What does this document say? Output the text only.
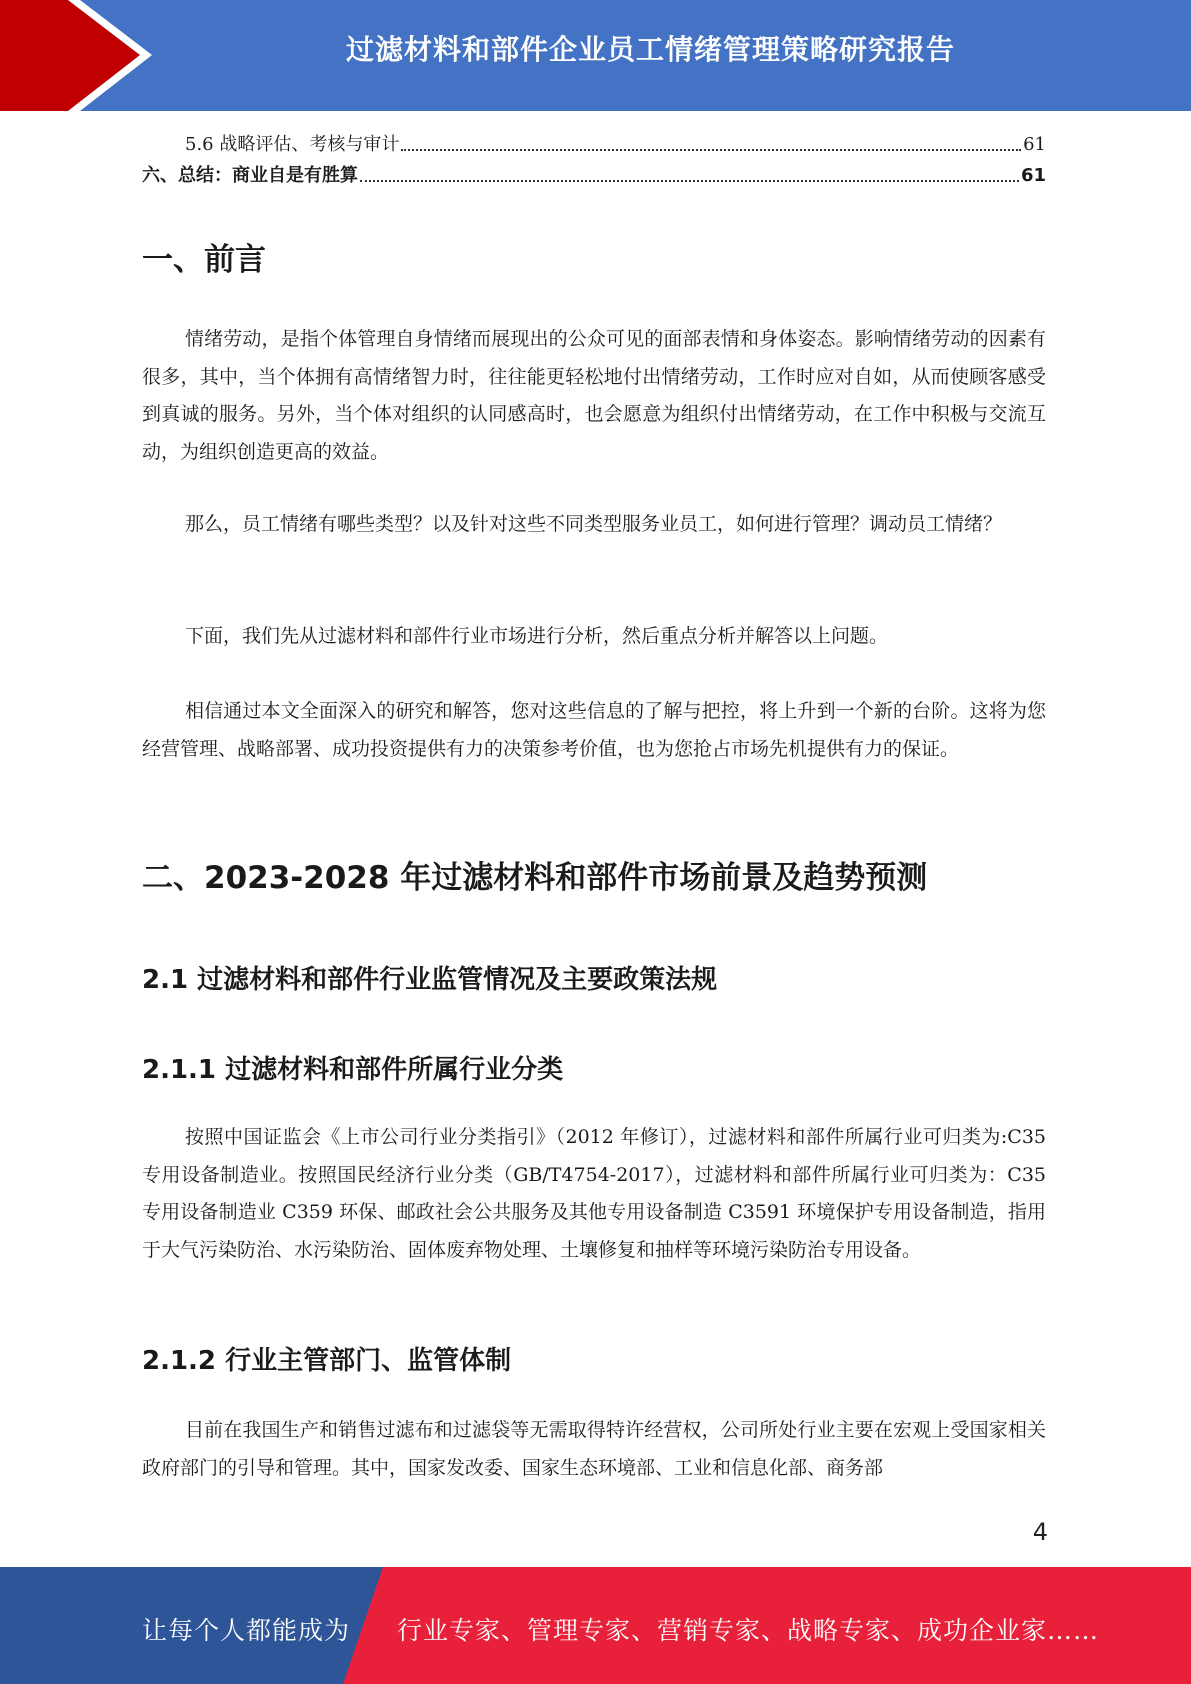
过滤材料和部件企业员工情绪管理策略研究报告
5.6 战略评估、考核与审计	61
六、总结：商业自是有胜算	61
一、前言

情绪劳动，是指个体管理自身情绪而展现出的公众可见的面部表情和身体姿态。影响情绪劳动的因素有很多，其中，当个体拥有高情绪智力时，往往能更轻松地付出情绪劳动，工作时应对自如，从而使顾客感受到真诚的服务。另外，当个体对组织的认同感高时，也会愿意为组织付出情绪劳动，在工作中积极与交流互动，为组织创造更高的效益。

那么，员工情绪有哪些类型？以及针对这些不同类型服务业员工，如何进行管理？调动员工情绪？

下面，我们先从过滤材料和部件行业市场进行分析，然后重点分析并解答以上问题。

相信通过本文全面深入的研究和解答，您对这些信息的了解与把控，将上升到一个新的台阶。这将为您经营管理、战略部署、成功投资提供有力的决策参考价值，也为您抢占市场先机提供有力的保证。

二、2023-2028 年过滤材料和部件市场前景及趋势预测
2.1 过滤材料和部件行业监管情况及主要政策法规
2.1.1 过滤材料和部件所属行业分类

按照中国证监会《上市公司行业分类指引》（2012 年修订），过滤材料和部件所属行业可归类为:C35 专用设备制造业。按照国民经济行业分类（GB/T4754-2017），过滤材料和部件所属行业可归类为：C35 专用设备制造业 C359 环保、邮政社会公共服务及其他专用设备制造 C3591 环境保护专用设备制造，指用于大气污染防治、水污染防治、固体废弃物处理、土壤修复和抽样等环境污染防治专用设备。

2.1.2 行业主管部门、监管体制

目前在我国生产和销售过滤布和过滤袋等无需取得特许经营权，公司所处行业主要在宏观上受国家相关政府部门的引导和管理。其中，国家发改委、国家生态环境部、工业和信息化部、商务部

4
让每个人都能成为 行业专家、管理专家、营销专家、战略专家、成功企业家……
